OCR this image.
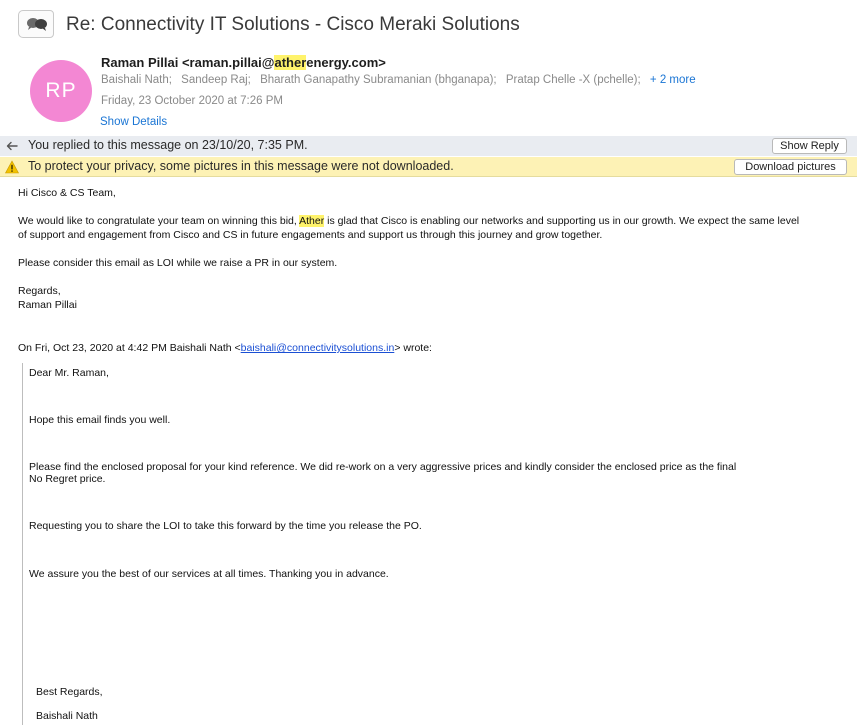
Re: Connectivity IT Solutions - Cisco Meraki Solutions
RP
Raman Pillai <raman.pillai@atherenergy.com>
Baishali Nath; Sandeep Raj; Bharath Ganapathy Subramanian (bhganapa); Pratap Chelle -X (pchelle); + 2 more
Friday, 23 October 2020 at 7:26 PM
Show Details
You replied to this message on 23/10/20, 7:35 PM.	Show Reply
To protect your privacy, some pictures in this message were not downloaded.	Download pictures
Hi Cisco & CS Team,
We would like to congratulate your team on winning this bid, Ather is glad that Cisco is enabling our networks and supporting us in our growth. We expect the same level
of support and engagement from Cisco and CS in future engagements and support us through this journey and grow together.
Please consider this email as LOI while we raise a PR in our system.
Regards,
Raman Pillai
On Fri, Oct 23, 2020 at 4:42 PM Baishali Nath <baishali@connectivitysolutions.in> wrote:
Dear Mr. Raman,
Hope this email finds you well.
Please find the enclosed proposal for your kind reference. We did re-work on a very aggressive prices and kindly consider the enclosed price as the final
No Regret price.
Requesting you to share the LOI to take this forward by the time you release the PO.
We assure you the best of our services at all times. Thanking you in advance.
Best Regards,
Baishali Nath
